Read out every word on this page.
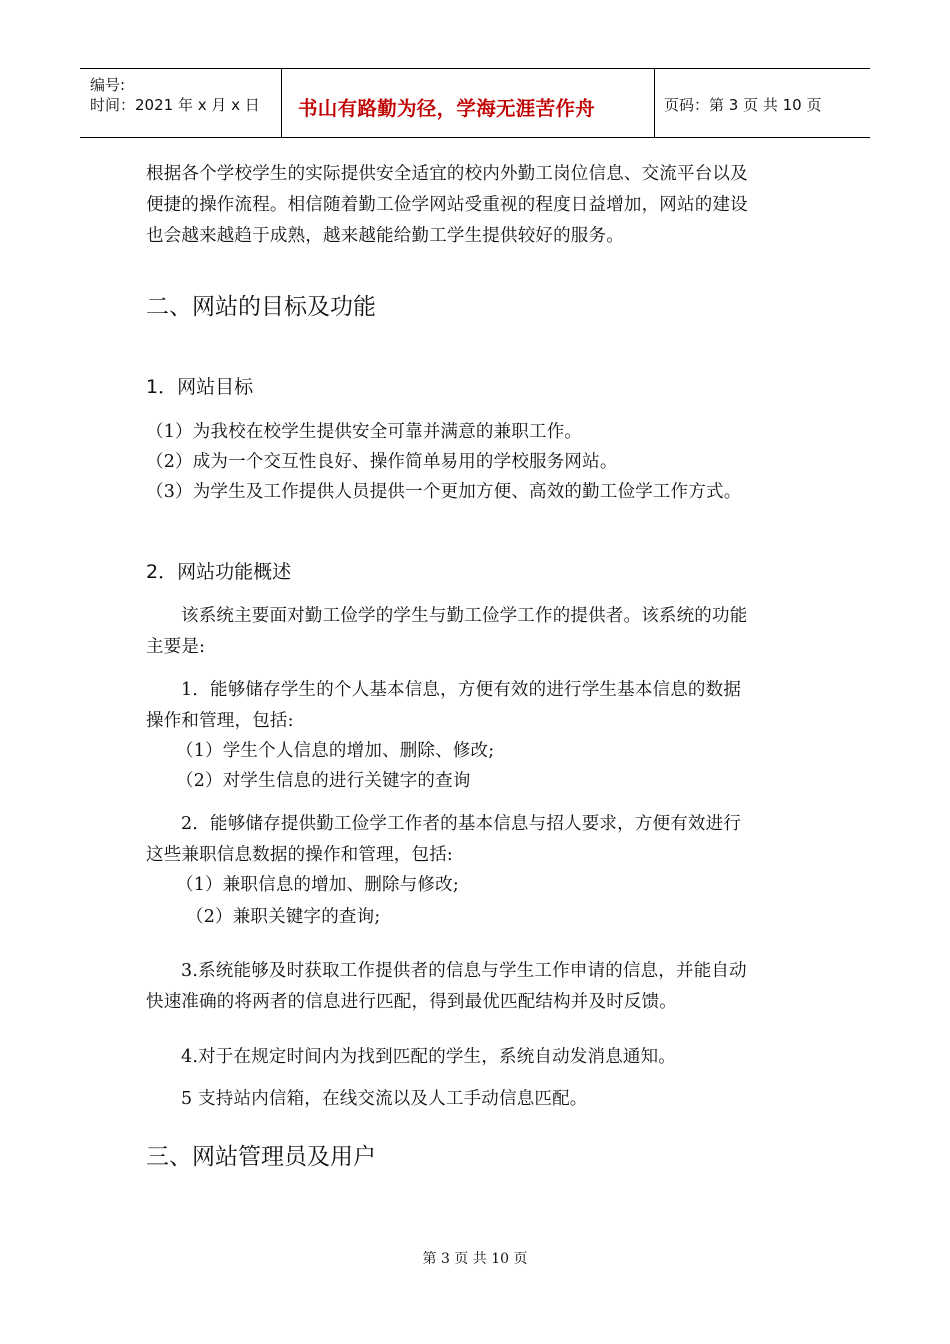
编号:
时间：2021 年 x 月 x 日 书山有路勤为径，学海无涯苦作舟	页码：第 3 页 共 10 页
根据各个学校学生的实际提供安全适宜的校内外勤工岗位信息、交流平台以及
便捷的操作流程。相信随着勤工俭学网站受重视的程度日益增加，网站的建设
也会越来越趋于成熟，越来越能给勤工学生提供较好的服务。
二、网站的目标及功能
1．网站目标
（1）为我校在校学生提供安全可靠并满意的兼职工作。
（2）成为一个交互性良好、操作简单易用的学校服务网站。
（3）为学生及工作提供人员提供一个更加方便、高效的勤工俭学工作方式。
2．网站功能概述
该系统主要面对勤工俭学的学生与勤工俭学工作的提供者。该系统的功能
主要是:
1．能够储存学生的个人基本信息，方便有效的进行学生基本信息的数据
操作和管理，包括:
（1）学生个人信息的增加、删除、修改;
（2）对学生信息的进行关键字的查询
2．能够储存提供勤工俭学工作者的基本信息与招人要求，方便有效进行
这些兼职信息数据的操作和管理，包括:
（1）兼职信息的增加、删除与修改;
（2）兼职关键字的查询;
3.系统能够及时获取工作提供者的信息与学生工作申请的信息，并能自动
快速准确的将两者的信息进行匹配，得到最优匹配结构并及时反馈。
4.对于在规定时间内为找到匹配的学生，系统自动发消息通知。
5 支持站内信箱，在线交流以及人工手动信息匹配。
三、网站管理员及用户
第 3 页 共 10 页
